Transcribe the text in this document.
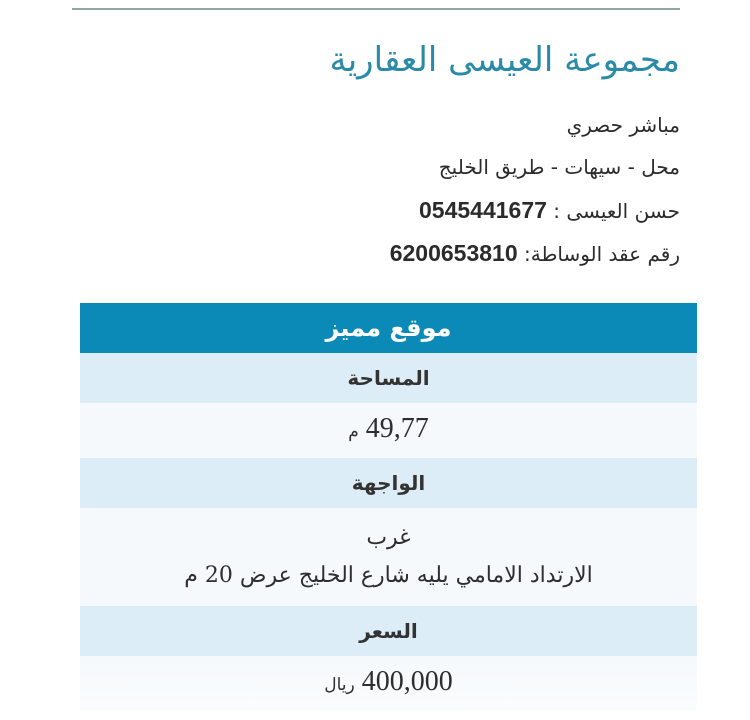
مجموعة العيسى العقارية
مباشر حصري
محل - سيهات - طريق الخليج
حسن العيسى : 0545441677
رقم عقد الوساطة: 6200653810
موقع مميز
المساحة
49,77 م
الواجهة
غرب
الارتداد الامامي يليه شارع الخليج عرض 20 م
السعر
400,000 ريال
